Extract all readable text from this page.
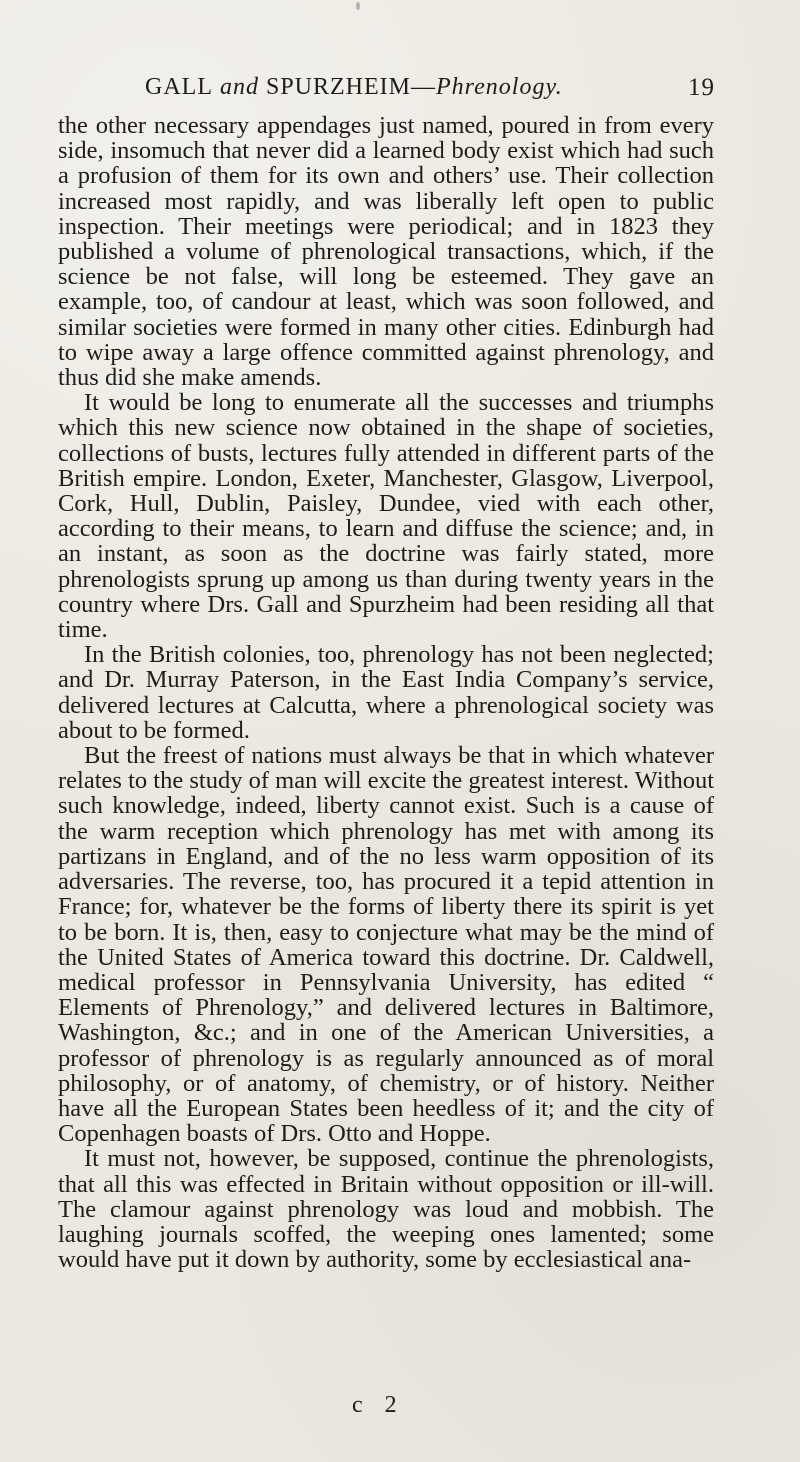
GALL and SPURZHEIM—Phrenology.	19

the other necessary appendages just named, poured in from every side, insomuch that never did a learned body exist which had such a profusion of them for its own and others’ use. Their collection increased most rapidly, and was liberally left open to public inspection. Their meetings were periodical; and in 1823 they published a volume of phrenological transactions, which, if the science be not false, will long be esteemed. They gave an example, too, of candour at least, which was soon followed, and similar societies were formed in many other cities. Edinburgh had to wipe away a large offence committed against phrenology, and thus did she make amends.

It would be long to enumerate all the successes and triumphs which this new science now obtained in the shape of societies, collections of busts, lectures fully attended in different parts of the British empire. London, Exeter, Manchester, Glasgow, Liverpool, Cork, Hull, Dublin, Paisley, Dundee, vied with each other, according to their means, to learn and diffuse the science; and, in an instant, as soon as the doctrine was fairly stated, more phrenologists sprung up among us than during twenty years in the country where Drs. Gall and Spurzheim had been residing all that time.

In the British colonies, too, phrenology has not been neglected; and Dr. Murray Paterson, in the East India Company’s service, delivered lectures at Calcutta, where a phrenological society was about to be formed.

But the freest of nations must always be that in which whatever relates to the study of man will excite the greatest interest. Without such knowledge, indeed, liberty cannot exist. Such is a cause of the warm reception which phrenology has met with among its partizans in England, and of the no less warm opposition of its adversaries. The reverse, too, has procured it a tepid attention in France; for, whatever be the forms of liberty there its spirit is yet to be born. It is, then, easy to conjecture what may be the mind of the United States of America toward this doctrine. Dr. Caldwell, medical professor in Pennsylvania University, has edited “ Elements of Phrenology,” and delivered lectures in Baltimore, Washington, &c.; and in one of the American Universities, a professor of phrenology is as regularly announced as of moral philosophy, or of anatomy, of chemistry, or of history. Neither have all the European States been heedless of it; and the city of Copenhagen boasts of Drs. Otto and Hoppe.

It must not, however, be supposed, continue the phrenologists, that all this was effected in Britain without opposition or ill-will. The clamour against phrenology was loud and mobbish. The laughing journals scoffed, the weeping ones lamented; some would have put it down by authority, some by ecclesiastical ana-

c 2
